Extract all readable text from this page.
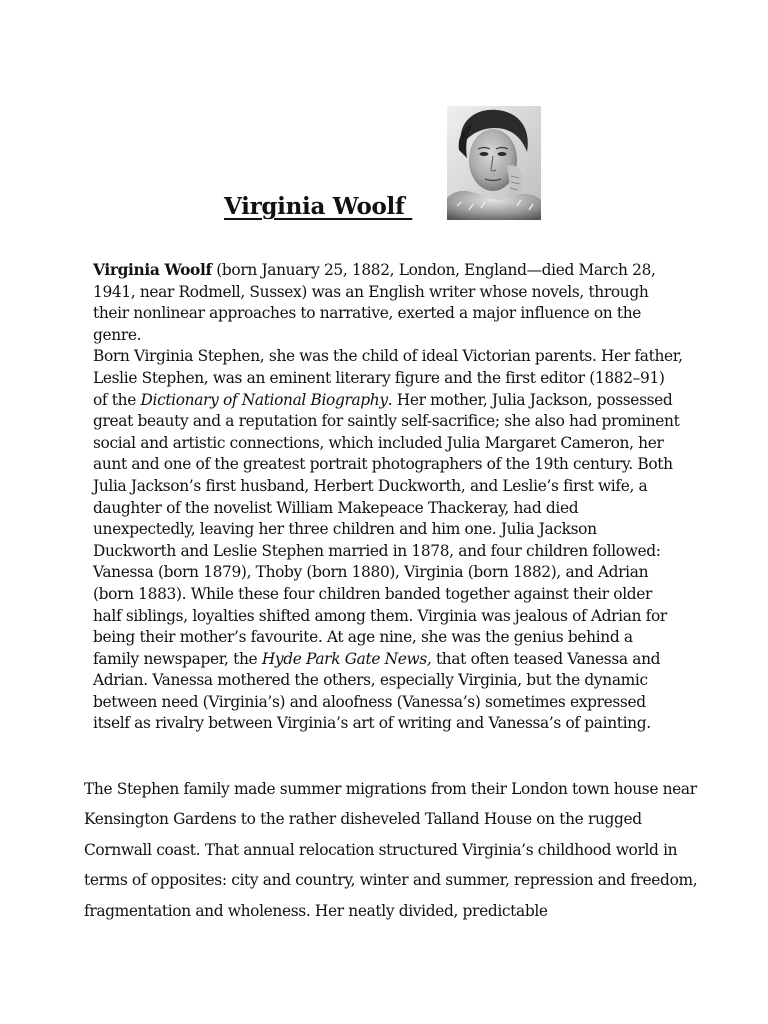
Virginia Woolf

Virginia Woolf (born January 25, 1882, London, England—died March 28, 1941, near Rodmell, Sussex) was an English writer whose novels, through their nonlinear approaches to narrative, exerted a major influence on the genre.
Born Virginia Stephen, she was the child of ideal Victorian parents. Her father, Leslie Stephen, was an eminent literary figure and the first editor (1882–91) of the Dictionary of National Biography. Her mother, Julia Jackson, possessed great beauty and a reputation for saintly self-sacrifice; she also had prominent social and artistic connections, which included Julia Margaret Cameron, her aunt and one of the greatest portrait photographers of the 19th century. Both Julia Jackson’s first husband, Herbert Duckworth, and Leslie’s first wife, a daughter of the novelist William Makepeace Thackeray, had died unexpectedly, leaving her three children and him one. Julia Jackson Duckworth and Leslie Stephen married in 1878, and four children followed: Vanessa (born 1879), Thoby (born 1880), Virginia (born 1882), and Adrian (born 1883). While these four children banded together against their older half siblings, loyalties shifted among them. Virginia was jealous of Adrian for being their mother’s favourite. At age nine, she was the genius behind a family newspaper, the Hyde Park Gate News, that often teased Vanessa and Adrian. Vanessa mothered the others, especially Virginia, but the dynamic between need (Virginia’s) and aloofness (Vanessa’s) sometimes expressed itself as rivalry between Virginia’s art of writing and Vanessa’s of painting.

The Stephen family made summer migrations from their London town house near Kensington Gardens to the rather disheveled Talland House on the rugged Cornwall coast. That annual relocation structured Virginia’s childhood world in terms of opposites: city and country, winter and summer, repression and freedom, fragmentation and wholeness. Her neatly divided, predictable
